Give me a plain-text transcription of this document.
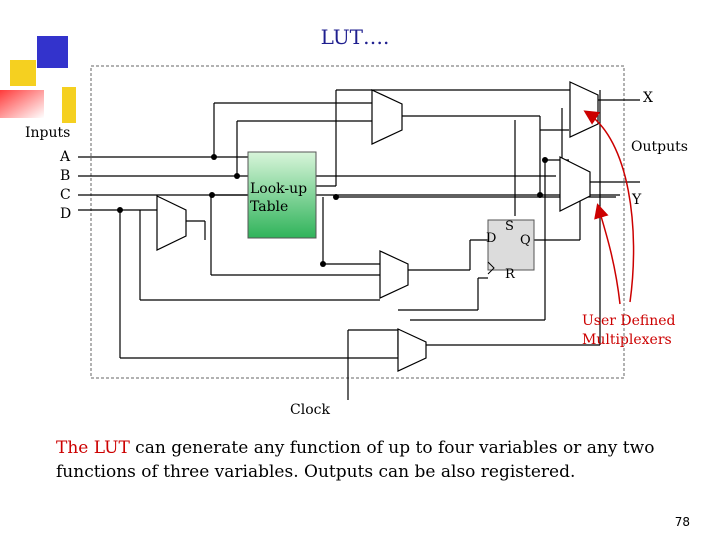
LUT….
Inputs
A
B
C
D
Look-up
Table
S
D Q
R
X
Outputs
Y
Clock
User Defined
Multiplexers
The LUT can generate any function of up to four variables or any two functions of three variables. Outputs can be also registered.
78
